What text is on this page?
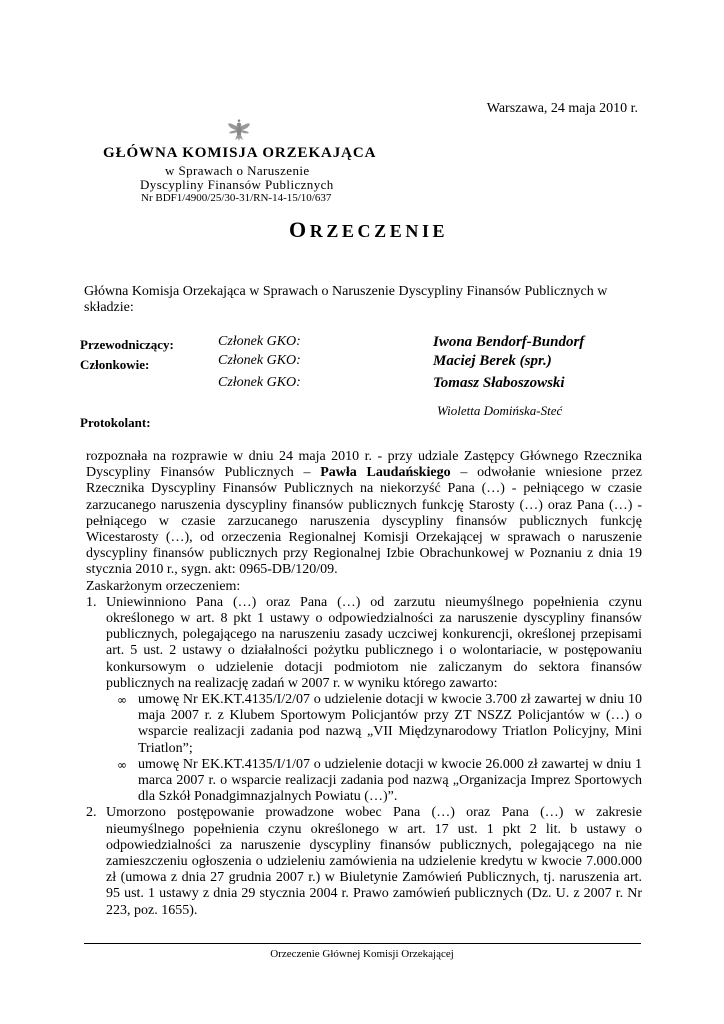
Warszawa, 24 maja 2010 r.
GŁÓWNA KOMISJA ORZEKAJĄCA
w Sprawach o Naruszenie
Dyscypliny Finansów Publicznych
Nr BDF1/4900/25/30-31/RN-14-15/10/637
ORZECZENIE
Główna Komisja Orzekająca w Sprawach o Naruszenie Dyscypliny Finansów Publicznych w składzie:
Przewodniczący:
Członkowie:
Protokolant:
Członek GKO:
Członek GKO:
Członek GKO:
Iwona Bendorf-Bundorf
Maciej Berek (spr.)
Tomasz Słaboszowski
Wioletta Domińska-Steć

rozpoznała na rozprawie w dniu 24 maja 2010 r. - przy udziale Zastępcy Głównego Rzecznika Dyscypliny Finansów Publicznych – Pawła Laudańskiego – odwołanie wniesione przez Rzecznika Dyscypliny Finansów Publicznych na niekorzyść Pana (…) - pełniącego w czasie zarzucanego naruszenia dyscypliny finansów publicznych funkcję Starosty (…) oraz Pana (…) - pełniącego w czasie zarzucanego naruszenia dyscypliny finansów publicznych funkcję Wicestarosty (…), od orzeczenia Regionalnej Komisji Orzekającej w sprawach o naruszenie dyscypliny finansów publicznych przy Regionalnej Izbie Obrachunkowej w Poznaniu z dnia 19 stycznia 2010 r., sygn. akt: 0965-DB/120/09.

Zaskarżonym orzeczeniem:

1. Uniewinniono Pana (…) oraz Pana (…) od zarzutu nieumyślnego popełnienia czynu określonego w art. 8 pkt 1 ustawy o odpowiedzialności za naruszenie dyscypliny finansów publicznych, polegającego na naruszeniu zasady uczciwej konkurencji, określonej przepisami art. 5 ust. 2 ustawy o działalności pożytku publicznego i o wolontariacie, w postępowaniu konkursowym o udzielenie dotacji podmiotom nie zaliczanym do sektora finansów publicznych na realizację zadań w 2007 r. w wyniku którego zawarto:
∞ umowę Nr EK.KT.4135/I/2/07 o udzielenie dotacji w kwocie 3.700 zł zawartej w dniu 10 maja 2007 r. z Klubem Sportowym Policjantów przy ZT NSZZ Policjantów w (…) o wsparcie realizacji zadania pod nazwą „VII Międzynarodowy Triatlon Policyjny, Mini Triatlon”;
∞ umowę Nr EK.KT.4135/I/1/07 o udzielenie dotacji w kwocie 26.000 zł zawartej w dniu 1 marca 2007 r. o wsparcie realizacji zadania pod nazwą „Organizacja Imprez Sportowych dla Szkół Ponadgimnazjalnych Powiatu (…)”.
2. Umorzono postępowanie prowadzone wobec Pana (…) oraz Pana (…) w zakresie nieumyślnego popełnienia czynu określonego w art. 17 ust. 1 pkt 2 lit. b ustawy o odpowiedzialności za naruszenie dyscypliny finansów publicznych, polegającego na nie zamieszczeniu ogłoszenia o udzieleniu zamówienia na udzielenie kredytu w kwocie 7.000.000 zł (umowa z dnia 27 grudnia 2007 r.) w Biuletynie Zamówień Publicznych, tj. naruszenia art. 95 ust. 1 ustawy z dnia 29 stycznia 2004 r. Prawo zamówień publicznych (Dz. U. z 2007 r. Nr 223, poz. 1655).
Orzeczenie Głównej Komisji Orzekającej
